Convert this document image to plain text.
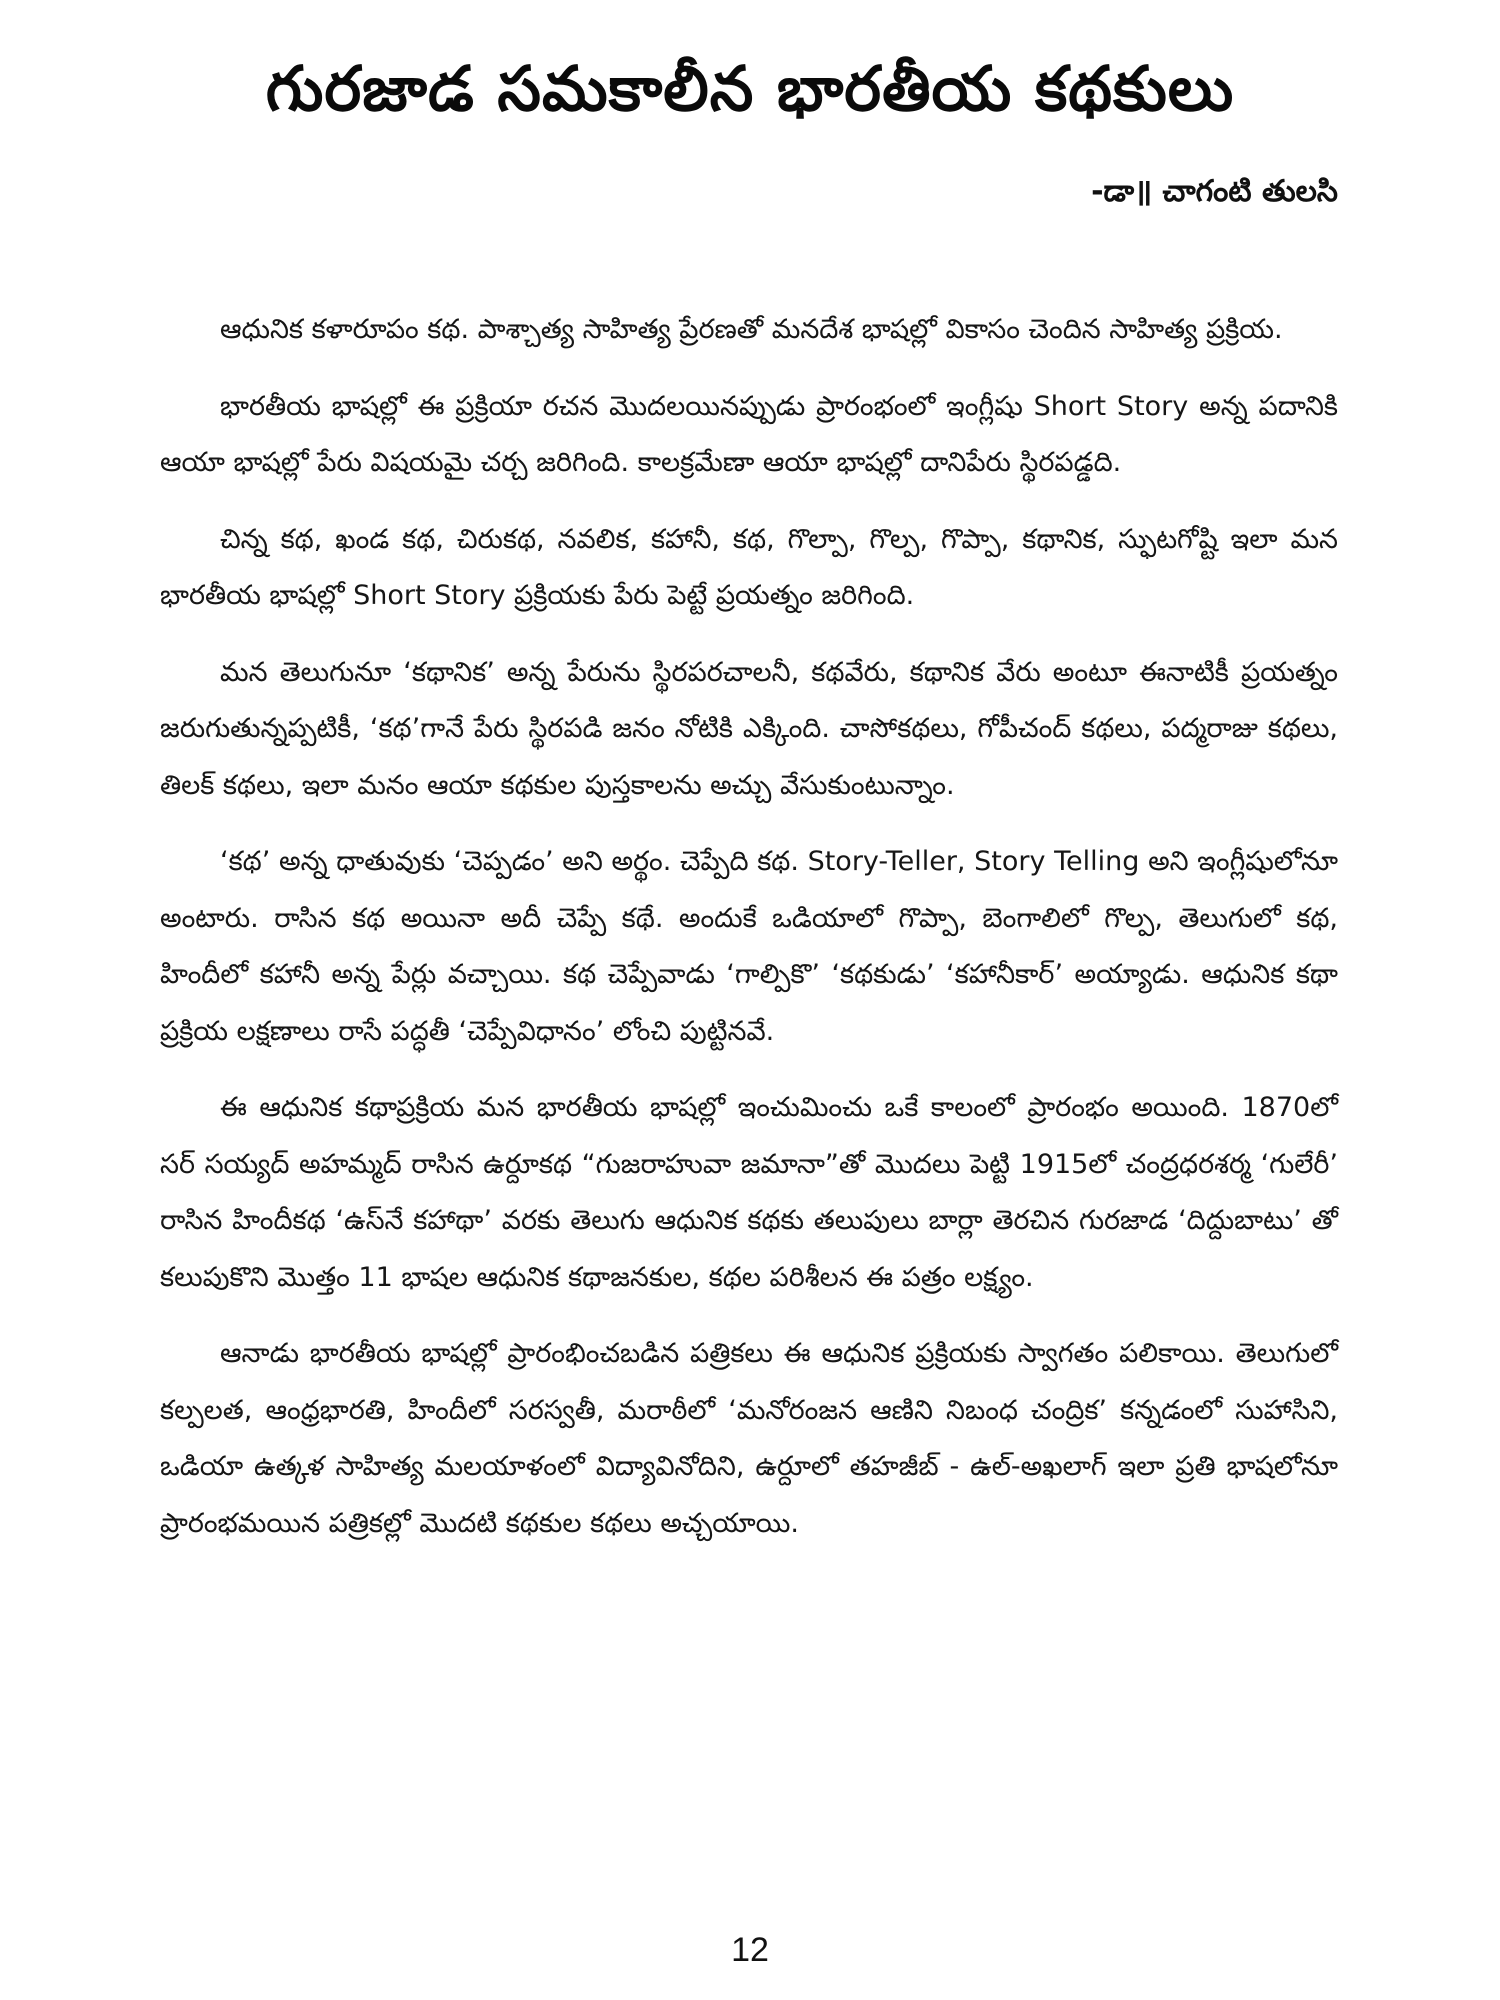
గురజాడ సమకాలీన భారతీయ కథకులు

-డా॥ చాగంటి తులసి

ఆధునిక కళారూపం కథ. పాశ్చాత్య సాహిత్య ప్రేరణతో మనదేశ భాషల్లో వికాసం చెందిన సాహిత్య ప్రక్రియ.

భారతీయ భాషల్లో ఈ ప్రక్రియా రచన మొదలయినప్పుడు ప్రారంభంలో ఇంగ్లీషు Short Story అన్న పదానికి ఆయా భాషల్లో పేరు విషయమై చర్చ జరిగింది. కాలక్రమేణా ఆయా భాషల్లో దానిపేరు స్థిరపడ్డది.

చిన్న కథ, ఖండ కథ, చిరుకథ, నవలిక, కహానీ, కథ, గొల్పా, గొల్ప, గొప్పా, కథానిక, స్ఫుటగోష్టి ఇలా మన భారతీయ భాషల్లో Short Story ప్రక్రియకు పేరు పెట్టే ప్రయత్నం జరిగింది.

మన తెలుగునూ ‘కథానిక’ అన్న పేరును స్థిరపరచాలనీ, కథవేరు, కథానిక వేరు అంటూ ఈనాటికీ ప్రయత్నం జరుగుతున్నప్పటికీ, ‘కథ’గానే పేరు స్థిరపడి జనం నోటికి ఎక్కింది. చాసోకథలు, గోపీచంద్ కథలు, పద్మరాజు కథలు, తిలక్ కథలు, ఇలా మనం ఆయా కథకుల పుస్తకాలను అచ్చు వేసుకుంటున్నాం.

‘కథ’ అన్న ధాతువుకు ‘చెప్పడం’ అని అర్థం. చెప్పేది కథ. Story-Teller, Story Telling అని ఇంగ్లీషులోనూ అంటారు. రాసిన కథ అయినా అదీ చెప్పే కథే. అందుకే ఒడియాలో గొప్పా, బెంగాలిలో గొల్ప, తెలుగులో కథ, హిందీలో కహానీ అన్న పేర్లు వచ్చాయి. కథ చెప్పేవాడు ‘గాల్పికొ’ ‘కథకుడు’ ‘కహానీకార్’ అయ్యాడు. ఆధునిక కథా ప్రక్రియ లక్షణాలు రాసే పద్ధతీ ‘చెప్పేవిధానం’ లోంచి పుట్టినవే.

ఈ ఆధునిక కథాప్రక్రియ మన భారతీయ భాషల్లో ఇంచుమించు ఒకే కాలంలో ప్రారంభం అయింది. 1870లో సర్ సయ్యద్ అహమ్మద్ రాసిన ఉర్దూకథ “గుజరాహువా జమానా”తో మొదలు పెట్టి 1915లో చంద్రధరశర్మ ‘గులేరీ’ రాసిన హిందీకథ ‘ఉస్‌నే కహాథా’ వరకు తెలుగు ఆధునిక కథకు తలుపులు బార్లా తెరచిన గురజాడ ‘దిద్దుబాటు’ తో కలుపుకొని మొత్తం 11 భాషల ఆధునిక కథాజనకుల, కథల పరిశీలన ఈ పత్రం లక్ష్యం.

ఆనాడు భారతీయ భాషల్లో ప్రారంభించబడిన పత్రికలు ఈ ఆధునిక ప్రక్రియకు స్వాగతం పలికాయి. తెలుగులో కల్పలత, ఆంధ్రభారతి, హిందీలో సరస్వతీ, మరాఠీలో ‘మనోరంజన ఆణిని నిబంధ చంద్రిక’ కన్నడంలో సుహాసిని, ఒడియా ఉత్కళ సాహిత్య మలయాళంలో విద్యావినోదిని, ఉర్దూలో తహజీబ్ - ఉల్-అఖలాగ్ ఇలా ప్రతి భాషలోనూ ప్రారంభమయిన పత్రికల్లో మొదటి కథకుల కథలు అచ్చయాయి.

12
